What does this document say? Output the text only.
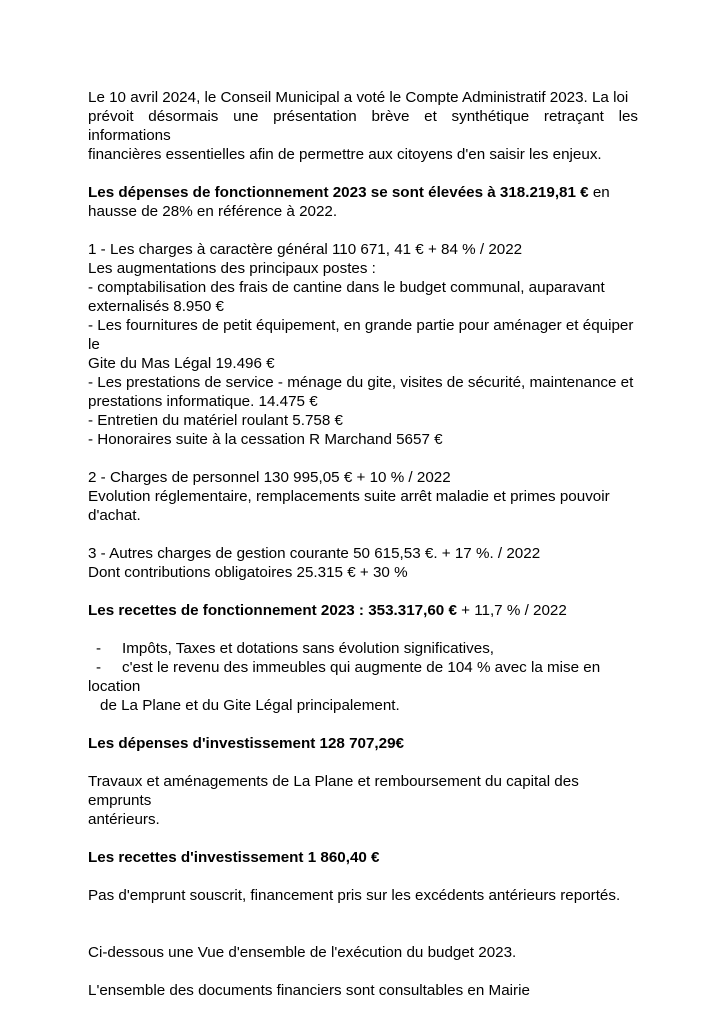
Le 10 avril 2024, le Conseil Municipal a voté le Compte Administratif 2023. La loi
prévoit désormais une présentation brève et synthétique retraçant les informations
financières essentielles afin de permettre aux citoyens d'en saisir les enjeux.

Les dépenses de fonctionnement 2023 se sont élevées à 318.219,81 € en
hausse de 28% en référence à 2022.

1 - Les charges à caractère général 110 671, 41 € + 84 % / 2022
Les augmentations des principaux postes :
- comptabilisation des frais de cantine dans le budget communal, auparavant
externalisés 8.950 €
- Les fournitures de petit équipement, en grande partie pour aménager et équiper le
Gite du Mas Légal 19.496 €
- Les prestations de service - ménage du gite, visites de sécurité, maintenance et
prestations informatique. 14.475 €
- Entretien du matériel roulant 5.758 €
- Honoraires suite à la cessation R Marchand 5657 €
2 - Charges de personnel 130 995,05 € + 10 % / 2022
Evolution réglementaire, remplacements suite arrêt maladie et primes pouvoir
d'achat.
3 - Autres charges de gestion courante 50 615,53 €. + 17 %. / 2022
Dont contributions obligatoires 25.315 € + 30 %
Les recettes de fonctionnement 2023 : 353.317,60 € + 11,7 % / 2022
- Impôts, Taxes et dotations sans évolution significatives,
- c'est le revenu des immeubles qui augmente de 104 % avec la mise en location
de La Plane et du Gite Légal principalement.
Les dépenses d'investissement 128 707,29€
Travaux et aménagements de La Plane et remboursement du capital des emprunts
antérieurs.
Les recettes d'investissement 1 860,40 €
Pas d'emprunt souscrit, financement pris sur les excédents antérieurs reportés.
Ci-dessous une Vue d'ensemble de l'exécution du budget 2023.
L'ensemble des documents financiers sont consultables en Mairie
